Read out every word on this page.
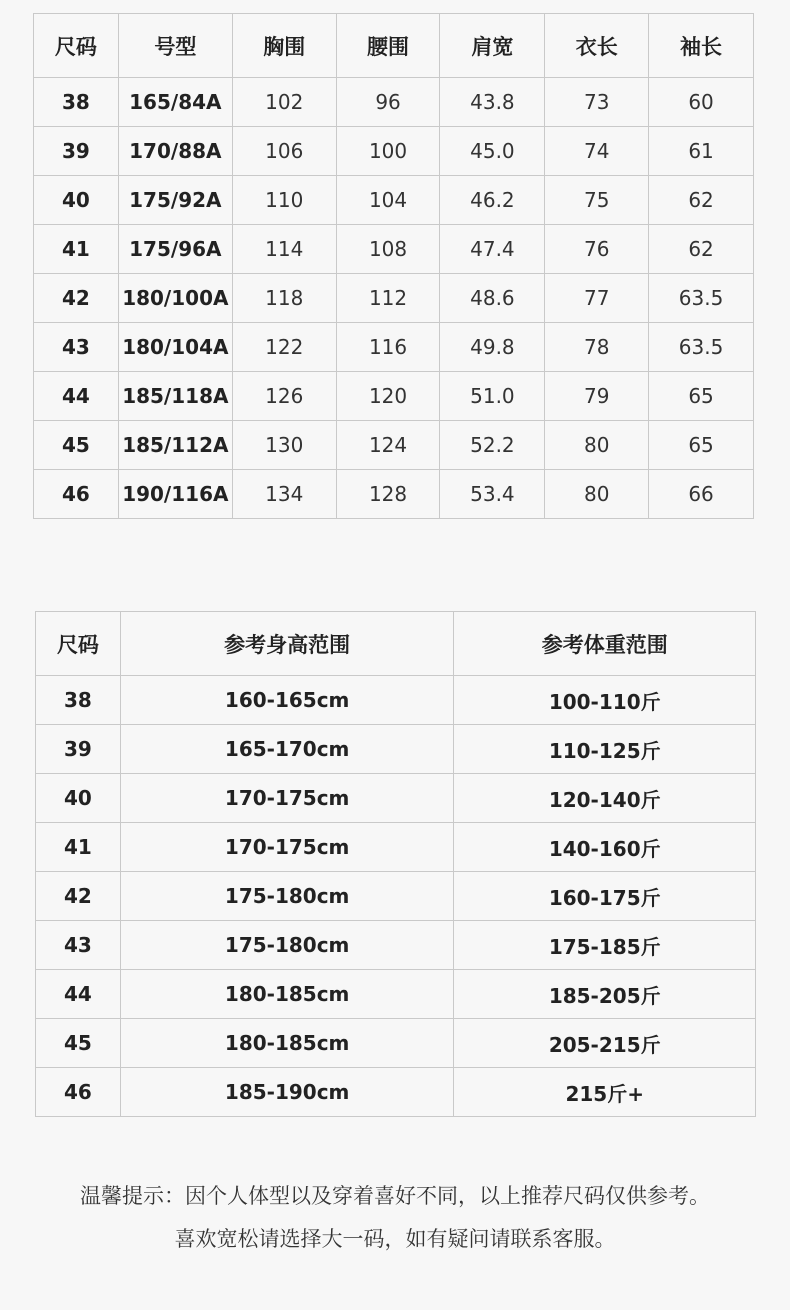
尺码	号型	胸围	腰围	肩宽	衣长	袖长
38	165/84A	102	96	43.8	73	60
39	170/88A	106	100	45.0	74	61
40	175/92A	110	104	46.2	75	62
41	175/96A	114	108	47.4	76	62
42	180/100A	118	112	48.6	77	63.5
43	180/104A	122	116	49.8	78	63.5
44	185/118A	126	120	51.0	79	65
45	185/112A	130	124	52.2	80	65
46	190/116A	134	128	53.4	80	66
尺码	参考身高范围	参考体重范围
38	160-165cm	100-110斤
39	165-170cm	110-125斤
40	170-175cm	120-140斤
41	170-175cm	140-160斤
42	175-180cm	160-175斤
43	175-180cm	175-185斤
44	180-185cm	185-205斤
45	180-185cm	205-215斤
46	185-190cm	215斤+
温馨提示：因个人体型以及穿着喜好不同，以上推荐尺码仅供参考。
喜欢宽松请选择大一码，如有疑问请联系客服。
